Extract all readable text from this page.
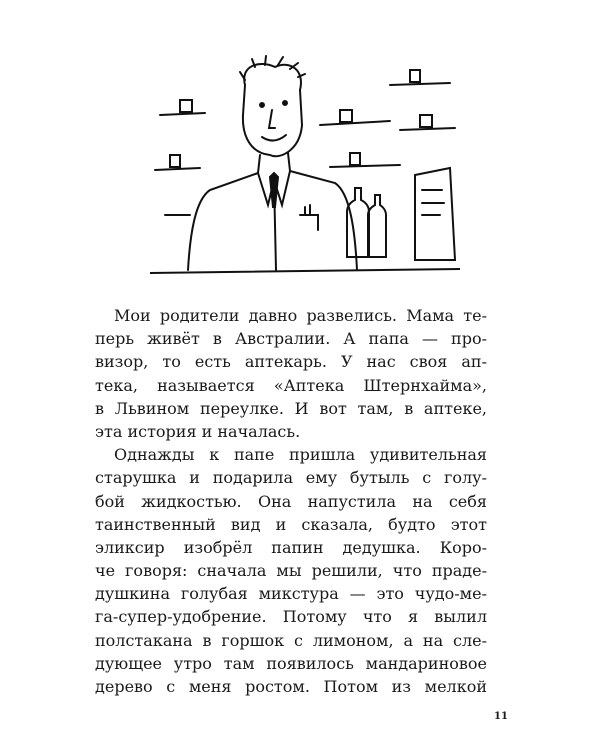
Мои родители давно развелись. Мама те-
перь живёт в Австралии. А папа — про-
визор, то есть аптекарь. У нас своя ап-
тека, называется «Аптека Штернхайма»,
в Львином переулке. И вот там, в аптеке,
эта история и началась.
Однажды к папе пришла удивительная
старушка и подарила ему бутыль с голу-
бой жидкостью. Она напустила на себя
таинственный вид и сказала, будто этот
эликсир изобрёл папин дедушка. Коро-
че говоря: сначала мы решили, что праде-
душкина голубая микстура — это чудо-ме-
га-супер-удобрение. Потому что я вылил
полстакана в горшок с лимоном, а на сле-
дующее утро там появилось мандариновое
дерево с меня ростом. Потом из мелкой
11
